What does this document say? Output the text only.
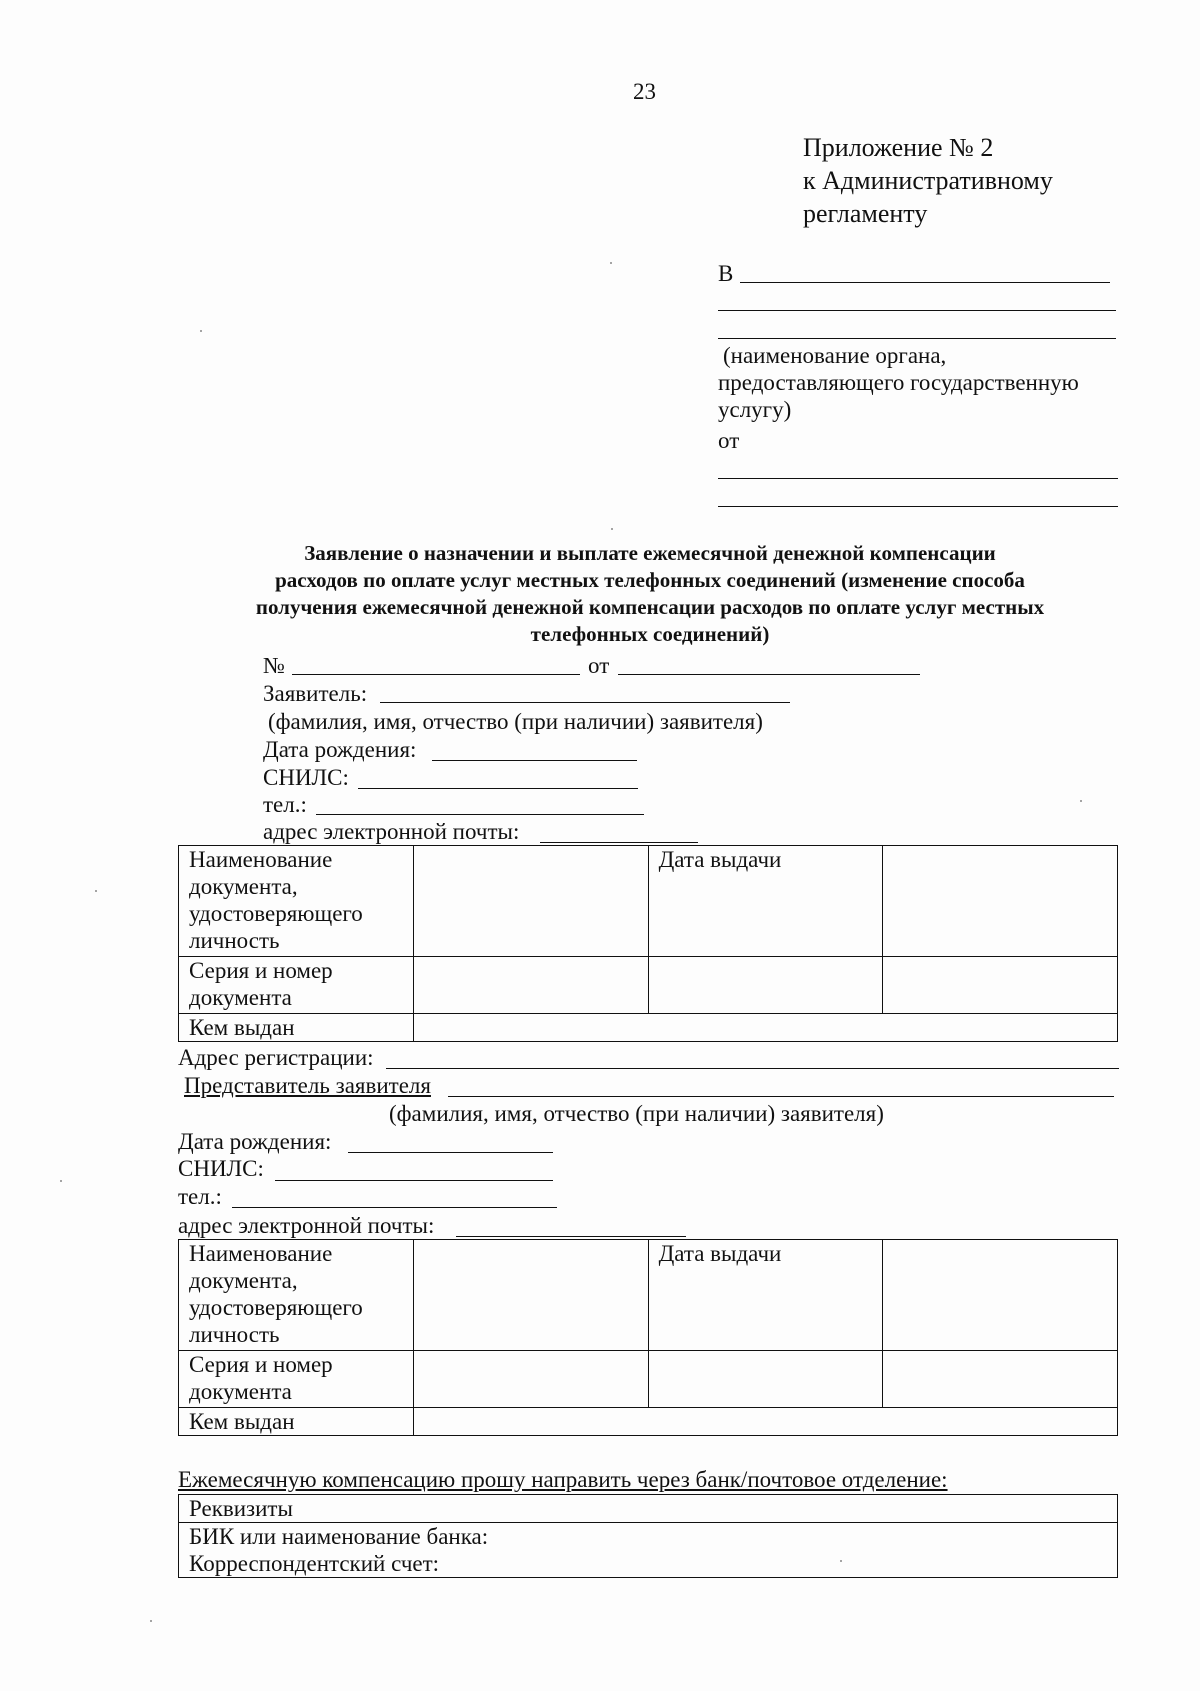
23
Приложение № 2
к Административному
регламенту
В
(наименование органа,
предоставляющего государственную
услугу)
от
Заявление о назначении и выплате ежемесячной денежной компенсации
расходов по оплате услуг местных телефонных соединений (изменение способа
получения ежемесячной денежной компенсации расходов по оплате услуг местных
телефонных соединений)
№	от
Заявитель:
(фамилия, имя, отчество (при наличии) заявителя)
Дата рождения:
СНИЛС:
тел.:
адрес электронной почты:
Наименование документа, удостоверяющего личность		Дата выдачи	
Серия и номер документа			
Кем выдан			
Адрес регистрации:
Представитель заявителя
(фамилия, имя, отчество (при наличии) заявителя)
Дата рождения:
СНИЛС:
тел.:
адрес электронной почты:
Наименование документа, удостоверяющего личность		Дата выдачи	
Серия и номер документа			
Кем выдан			
Ежемесячную компенсацию прошу направить через банк/почтовое отделение:
Реквизиты

БИК или наименование банка:
Корреспондентский счет:
